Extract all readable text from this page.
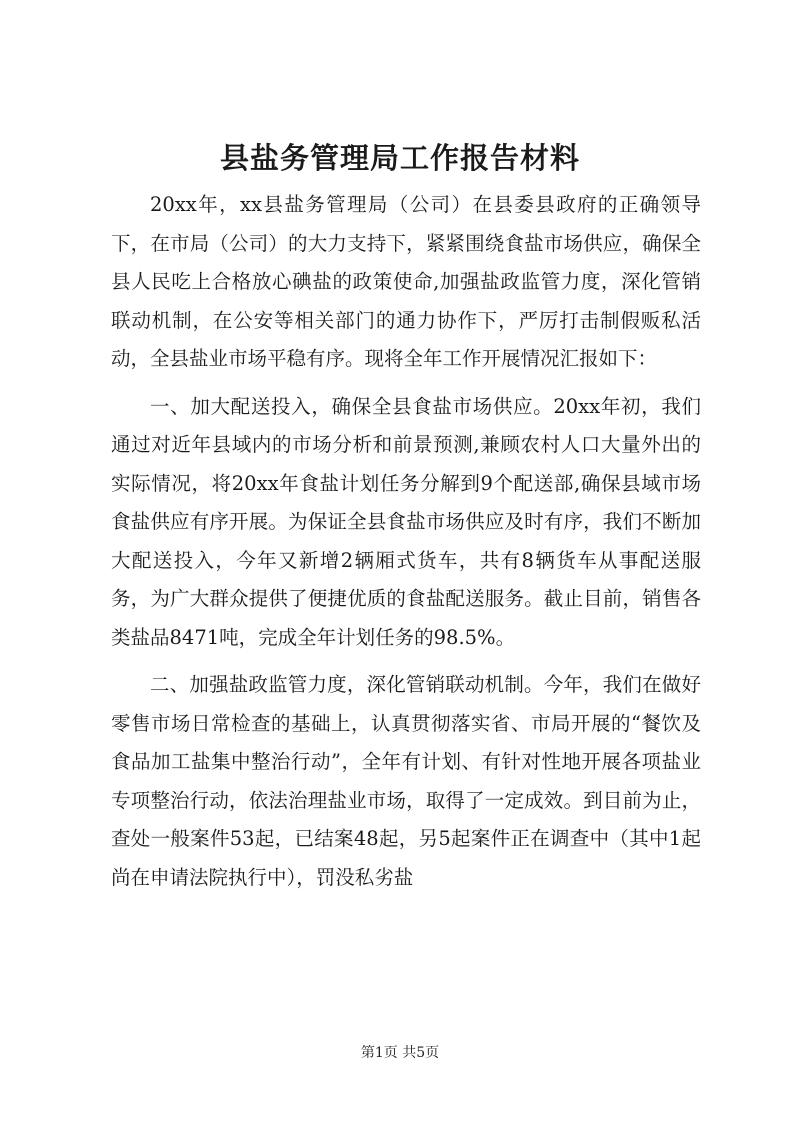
县盐务管理局工作报告材料

20xx年，xx县盐务管理局（公司）在县委县政府的正确领导下，在市局（公司）的大力支持下，紧紧围绕食盐市场供应，确保全县人民吃上合格放心碘盐的政策使命,加强盐政监管力度，深化管销联动机制，在公安等相关部门的通力协作下，严厉打击制假贩私活动，全县盐业市场平稳有序。现将全年工作开展情况汇报如下：

一、加大配送投入，确保全县食盐市场供应。20xx年初，我们通过对近年县域内的市场分析和前景预测,兼顾农村人口大量外出的实际情况，将20xx年食盐计划任务分解到9个配送部,确保县域市场食盐供应有序开展。为保证全县食盐市场供应及时有序，我们不断加大配送投入，今年又新增2辆厢式货车，共有8辆货车从事配送服务，为广大群众提供了便捷优质的食盐配送服务。截止目前，销售各类盐品8471吨，完成全年计划任务的98.5%。

二、加强盐政监管力度，深化管销联动机制。今年，我们在做好零售市场日常检查的基础上，认真贯彻落实省、市局开展的“餐饮及食品加工盐集中整治行动”，全年有计划、有针对性地开展各项盐业专项整治行动，依法治理盐业市场，取得了一定成效。到目前为止，查处一般案件53起，已结案48起，另5起案件正在调查中（其中1起尚在申请法院执行中），罚没私劣盐

第1页 共5页
